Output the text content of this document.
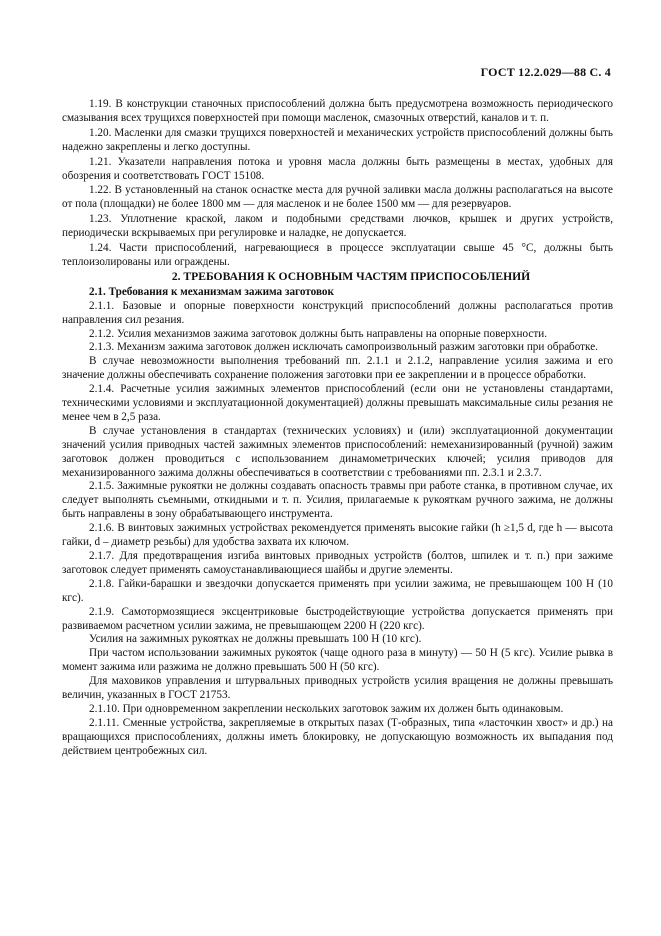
ГОСТ 12.2.029—88 С. 4

1.19. В конструкции станочных приспособлений должна быть предусмотрена возможность периодического смазывания всех трущихся поверхностей при помощи масленок, смазочных отверстий, каналов и т. п.

1.20. Масленки для смазки трущихся поверхностей и механических устройств приспособлений должны быть надежно закреплены и легко доступны.

1.21. Указатели направления потока и уровня масла должны быть размещены в местах, удобных для обозрения и соответствовать ГОСТ 15108.

1.22. В установленный на станок оснастке места для ручной заливки масла должны располагаться на высоте от пола (площадки) не более 1800 мм — для масленок и не более 1500 мм — для резервуаров.

1.23. Уплотнение краской, лаком и подобными средствами лючков, крышек и других устройств, периодически вскрываемых при регулировке и наладке, не допускается.

1.24. Части приспособлений, нагревающиеся в процессе эксплуатации свыше 45 °С, должны быть теплоизолированы или ограждены.

2. ТРЕБОВАНИЯ К ОСНОВНЫМ ЧАСТЯМ ПРИСПОСОБЛЕНИЙ

2.1. Требования к механизмам зажима заготовок

2.1.1. Базовые и опорные поверхности конструкций приспособлений должны располагаться против направления сил резания.

2.1.2. Усилия механизмов зажима заготовок должны быть направлены на опорные поверхности.

2.1.3. Механизм зажима заготовок должен исключать самопроизвольный разжим заготовки при обработке.

В случае невозможности выполнения требований пп. 2.1.1 и 2.1.2, направление усилия зажима и его значение должны обеспечивать сохранение положения заготовки при ее закреплении и в процессе обработки.

2.1.4. Расчетные усилия зажимных элементов приспособлений (если они не установлены стандартами, техническими условиями и эксплуатационной документацией) должны превышать максимальные силы резания не менее чем в 2,5 раза.

В случае установления в стандартах (технических условиях) и (или) эксплуатационной документации значений усилия приводных частей зажимных элементов приспособлений: немеханизированный (ручной) зажим заготовок должен проводиться с использованием динамометрических ключей; усилия приводов для механизированного зажима должны обеспечиваться в соответствии с требованиями пп. 2.3.1 и 2.3.7.

2.1.5. Зажимные рукоятки не должны создавать опасность травмы при работе станка, в противном случае, их следует выполнять съемными, откидными и т. п. Усилия, прилагаемые к рукояткам ручного зажима, не должны быть направлены в зону обрабатывающего инструмента.

2.1.6. В винтовых зажимных устройствах рекомендуется применять высокие гайки (h ≥1,5 d, где h — высота гайки, d – диаметр резьбы) для удобства захвата их ключом.

2.1.7. Для предотвращения изгиба винтовых приводных устройств (болтов, шпилек и т. п.) при зажиме заготовок следует применять самоустанавливающиеся шайбы и другие элементы.

2.1.8. Гайки-барашки и звездочки допускается применять при усилии зажима, не превышающем 100 Н (10 кгс).

2.1.9. Самотормозящиеся эксцентриковые быстродействующие устройства допускается применять при развиваемом расчетном усилии зажима, не превышающем 2200 Н (220 кгс).

Усилия на зажимных рукоятках не должны превышать 100 Н (10 кгс).

При частом использовании зажимных рукояток (чаще одного раза в минуту) — 50 Н (5 кгс). Усилие рывка в момент зажима или разжима не должно превышать 500 Н (50 кгс).

Для маховиков управления и штурвальных приводных устройств усилия вращения не должны превышать величин, указанных в ГОСТ 21753.

2.1.10. При одновременном закреплении нескольких заготовок зажим их должен быть одинаковым.

2.1.11. Сменные устройства, закрепляемые в открытых пазах (Т-образных, типа «ласточкин хвост» и др.) на вращающихся приспособлениях, должны иметь блокировку, не допускающую возможность их выпадания под действием центробежных сил.
